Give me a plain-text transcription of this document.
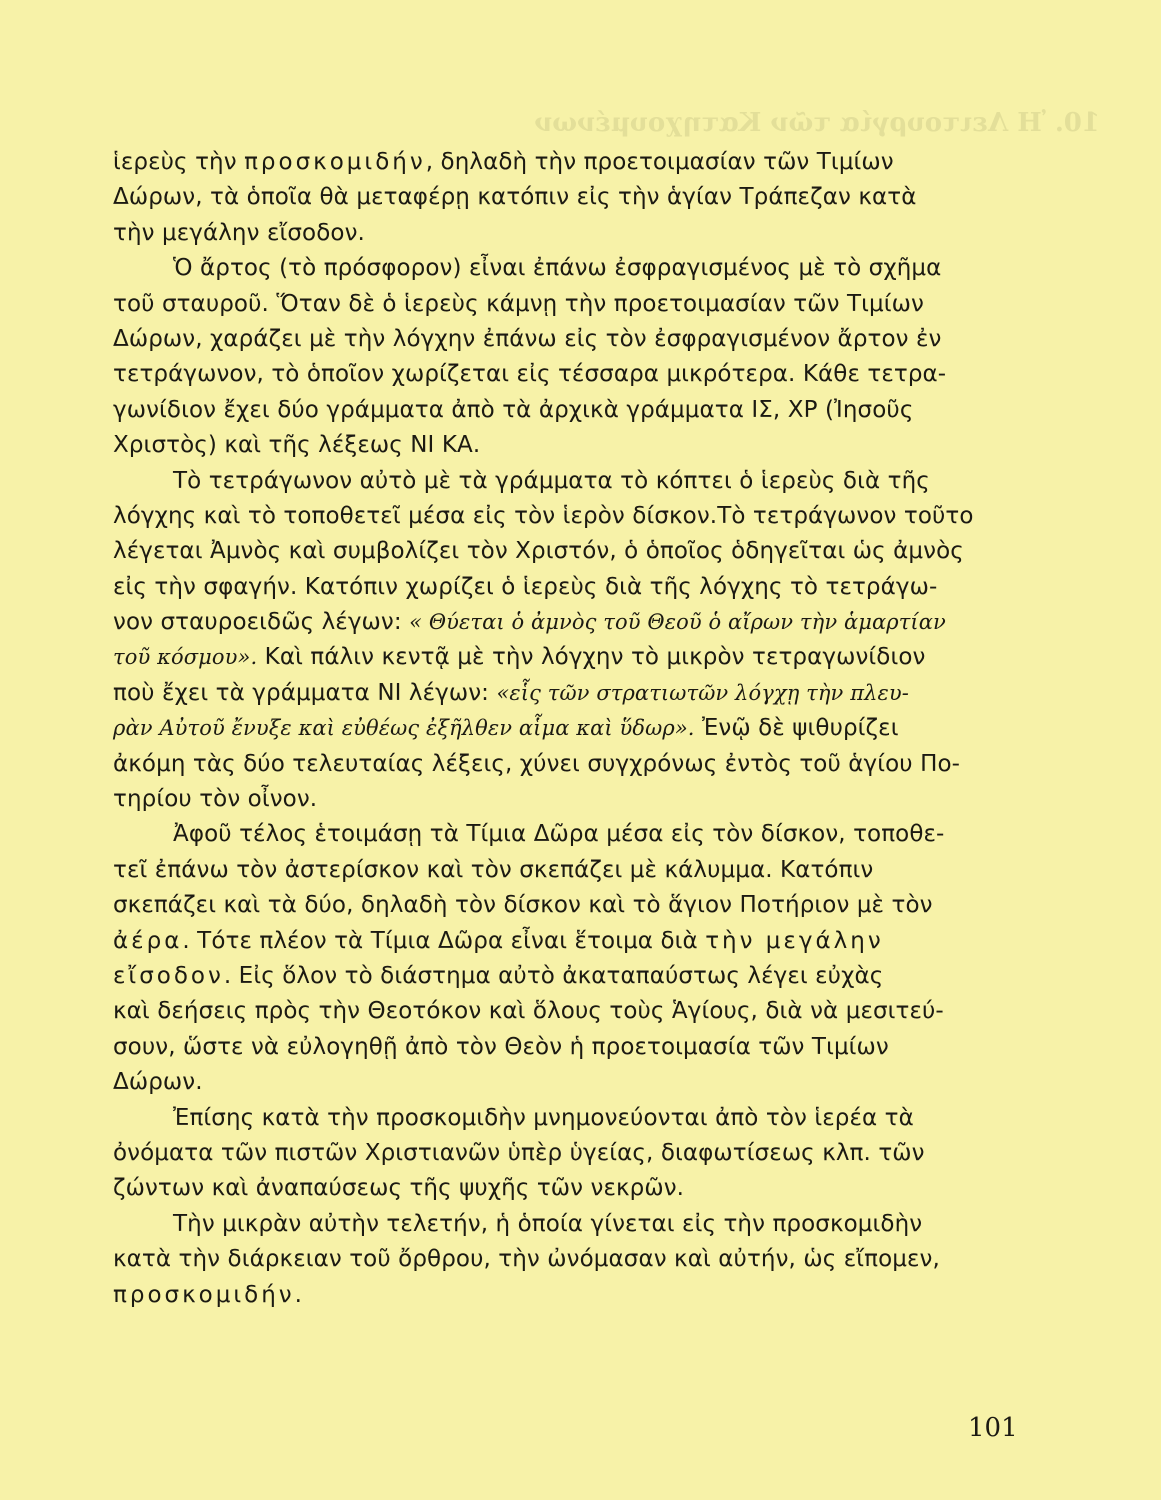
10. Ἡ Λειτουργία τῶν Κατηχουμένων
ἱερεὺς τὴν προσκομιδήν, δηλαδὴ τὴν προετοιμασίαν τῶν Τιμίων
Δώρων, τὰ ὁποῖα θὰ μεταφέρῃ κατόπιν εἰς τὴν ἁγίαν Τράπεζαν κατὰ
τὴν μεγάλην εἴσοδον.
Ὁ ἄρτος (τὸ πρόσφορον) εἶναι ἐπάνω ἐσφραγισμένος μὲ τὸ σχῆμα
τοῦ σταυροῦ. Ὅταν δὲ ὁ ἱερεὺς κάμνῃ τὴν προετοιμασίαν τῶν Τιμίων
Δώρων, χαράζει μὲ τὴν λόγχην ἐπάνω εἰς τὸν ἐσφραγισμένον ἄρτον ἐν
τετράγωνον, τὸ ὁποῖον χωρίζεται εἰς τέσσαρα μικρότερα. Κάθε τετρα-
γωνίδιον ἔχει δύο γράμματα ἀπὸ τὰ ἀρχικὰ γράμματα ΙΣ, ΧΡ (Ἰησοῦς
Χριστὸς) καὶ τῆς λέξεως ΝΙ ΚΑ.
Τὸ τετράγωνον αὐτὸ μὲ τὰ γράμματα τὸ κόπτει ὁ ἱερεὺς διὰ τῆς
λόγχης καὶ τὸ τοποθετεῖ μέσα εἰς τὸν ἱερὸν δίσκον.Τὸ τετράγωνον τοῦτο
λέγεται Ἀμνὸς καὶ συμβολίζει τὸν Χριστόν, ὁ ὁποῖος ὁδηγεῖται ὡς ἀμνὸς
εἰς τὴν σφαγήν. Κατόπιν χωρίζει ὁ ἱερεὺς διὰ τῆς λόγχης τὸ τετράγω-
νον σταυροειδῶς λέγων: « Θύεται ὁ ἀμνὸς τοῦ Θεοῦ ὁ αἴρων τὴν ἁμαρτίαν
τοῦ κόσμου». Καὶ πάλιν κεντᾷ μὲ τὴν λόγχην τὸ μικρὸν τετραγωνίδιον
ποὺ ἔχει τὰ γράμματα ΝΙ λέγων: «εἷς τῶν στρατιωτῶν λόγχῃ τὴν πλευ-
ρὰν Αὐτοῦ ἔνυξε καὶ εὐθέως ἐξῆλθεν αἷμα καὶ ὕδωρ». Ἐνῷ δὲ ψιθυρίζει
ἀκόμη τὰς δύο τελευταίας λέξεις, χύνει συγχρόνως ἐντὸς τοῦ ἁγίου Πο-
τηρίου τὸν οἶνον.
Ἀφοῦ τέλος ἑτοιμάσῃ τὰ Τίμια Δῶρα μέσα εἰς τὸν δίσκον, τοποθε-
τεῖ ἐπάνω τὸν ἀστερίσκον καὶ τὸν σκεπάζει μὲ κάλυμμα. Κατόπιν
σκεπάζει καὶ τὰ δύο, δηλαδὴ τὸν δίσκον καὶ τὸ ἅγιον Ποτήριον μὲ τὸν
ἀέρα. Τότε πλέον τὰ Τίμια Δῶρα εἶναι ἕτοιμα διὰ τὴν μεγάλην
εἴσοδον. Εἰς ὅλον τὸ διάστημα αὐτὸ ἀκαταπαύστως λέγει εὐχὰς
καὶ δεήσεις πρὸς τὴν Θεοτόκον καὶ ὅλους τοὺς Ἁγίους, διὰ νὰ μεσιτεύ-
σουν, ὥστε νὰ εὐλογηθῇ ἀπὸ τὸν Θεὸν ἡ προετοιμασία τῶν Τιμίων
Δώρων.
Ἐπίσης κατὰ τὴν προσκομιδὴν μνημονεύονται ἀπὸ τὸν ἱερέα τὰ
ὀνόματα τῶν πιστῶν Χριστιανῶν ὑπὲρ ὑγείας, διαφωτίσεως κλπ. τῶν
ζώντων καὶ ἀναπαύσεως τῆς ψυχῆς τῶν νεκρῶν.
Τὴν μικρὰν αὐτὴν τελετήν, ἡ ὁποία γίνεται εἰς τὴν προσκομιδὴν
κατὰ τὴν διάρκειαν τοῦ ὄρθρου, τὴν ὠνόμασαν καὶ αὐτήν, ὡς εἴπομεν,
προσκομιδήν.
101
